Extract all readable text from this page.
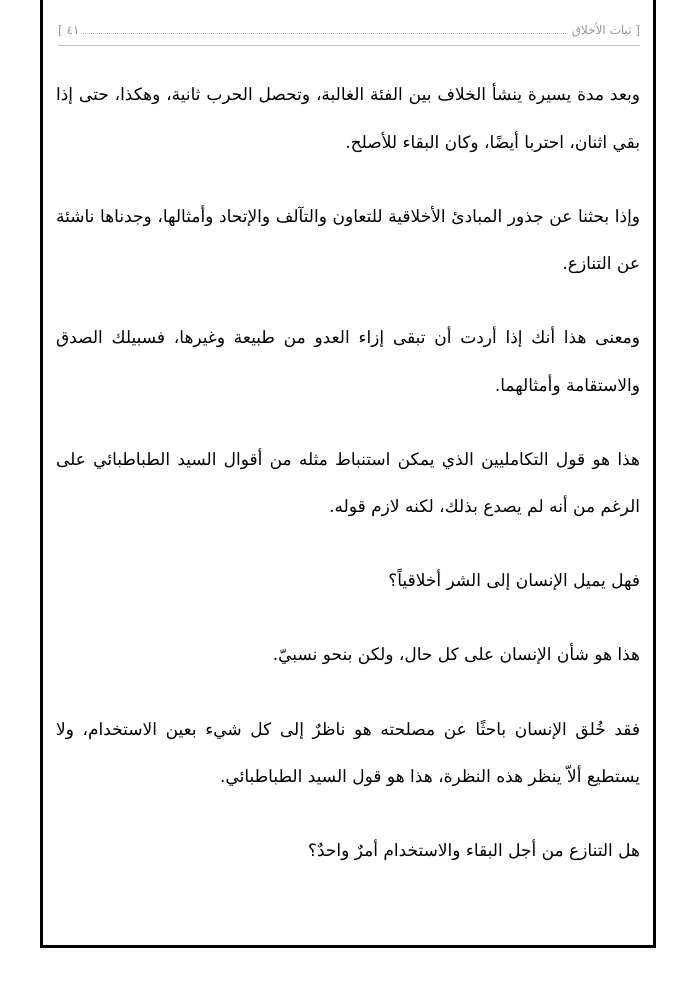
[ ثبات الأخلاق
٤١ ]

وبعد مدة يسيرة ينشأ الخلاف بين الفئة الغالبة، وتحصل الحرب ثانية، وهكذا، حتى إذا بقي اثنان، احتربا أيضًا، وكان البقاء للأصلح.

وإذا بحثنا عن جذور المبادئ الأخلاقية للتعاون والتآلف والإتحاد وأمثالها، وجدناها ناشئة عن التنازع.

ومعنى هذا أنك إذا أردت أن تبقى إزاء العدو من طبيعة وغيرها، فسبيلك الصدق والاستقامة وأمثالهما.

هذا هو قول التكامليين الذي يمكن استنباط مثله من أقوال السيد الطباطبائي على الرغم من أنه لم يصدع بذلك، لكنه لازم قوله.

فهل يميل الإنسان إلى الشر أخلاقياً؟

هذا هو شأن الإنسان على كل حال، ولكن بنحو نسبيّ.

فقد خُلق الإنسان باحثًا عن مصلحته هو ناظرٌ إلى كل شيء بعين الاستخدام، ولا يستطيع ألاّ ينظر هذه النظرة، هذا هو قول السيد الطباطبائي.

هل التنازع من أجل البقاء والاستخدام أمرٌ واحدٌ؟
